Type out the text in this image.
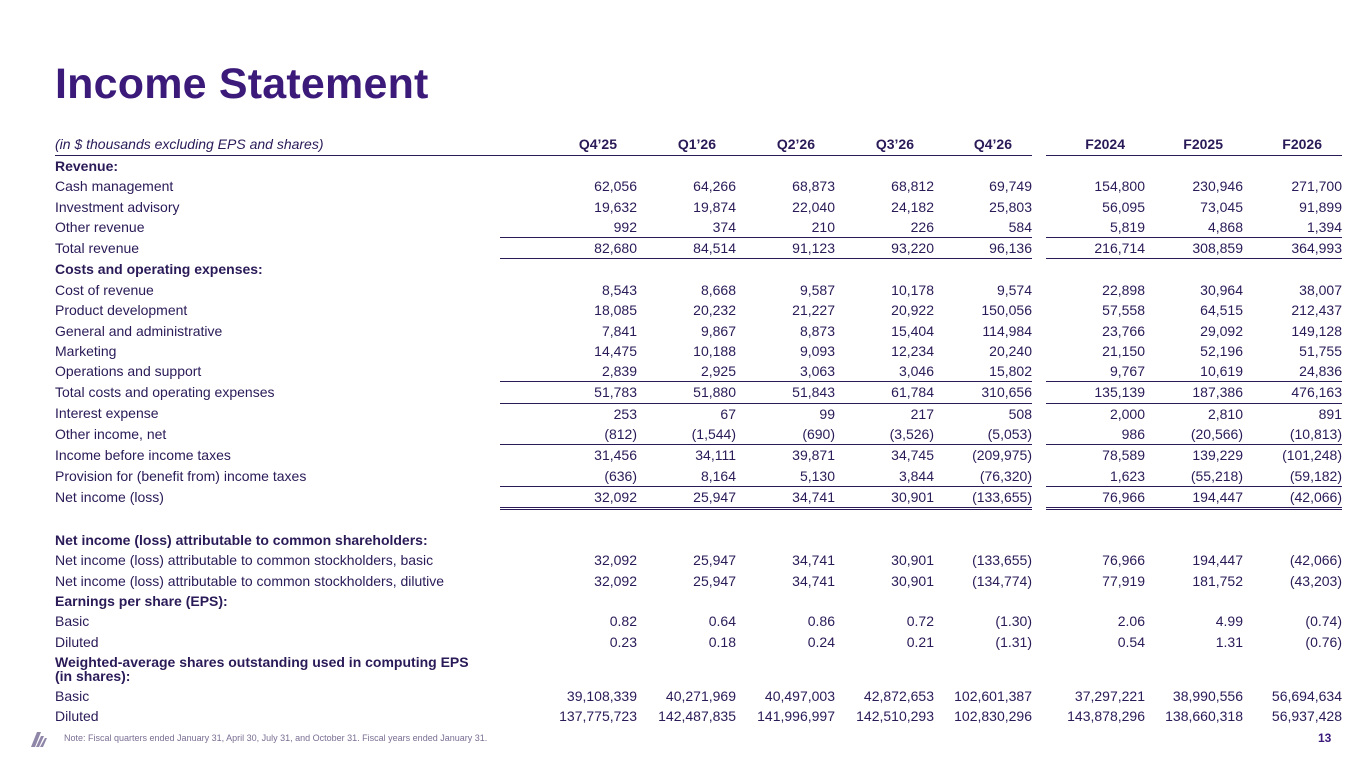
Income Statement
(in $ thousands excluding EPS and shares)	Q4’25	Q1’26	Q2’26	Q3’26	Q4’26		F2024	F2025	F2026
Revenue:									
Cash management	62,056	64,266	68,873	68,812	69,749		154,800	230,946	271,700
Investment advisory	19,632	19,874	22,040	24,182	25,803		56,095	73,045	91,899
Other revenue	992	374	210	226	584		5,819	4,868	1,394
Total revenue	82,680	84,514	91,123	93,220	96,136		216,714	308,859	364,993
Costs and operating expenses:									
Cost of revenue	8,543	8,668	9,587	10,178	9,574		22,898	30,964	38,007
Product development	18,085	20,232	21,227	20,922	150,056		57,558	64,515	212,437
General and administrative	7,841	9,867	8,873	15,404	114,984		23,766	29,092	149,128
Marketing	14,475	10,188	9,093	12,234	20,240		21,150	52,196	51,755
Operations and support	2,839	2,925	3,063	3,046	15,802		9,767	10,619	24,836
Total costs and operating expenses	51,783	51,880	51,843	61,784	310,656		135,139	187,386	476,163
Interest expense	253	67	99	217	508		2,000	2,810	891
Other income, net	(812)	(1,544)	(690)	(3,526)	(5,053)		986	(20,566)	(10,813)
Income before income taxes	31,456	34,111	39,871	34,745	(209,975)		78,589	139,229	(101,248)
Provision for (benefit from) income taxes	(636)	8,164	5,130	3,844	(76,320)		1,623	(55,218)	(59,182)
Net income (loss)	32,092	25,947	34,741	30,901	(133,655)		76,966	194,447	(42,066)

Net income (loss) attributable to common shareholders:									
Net income (loss) attributable to common stockholders, basic	32,092	25,947	34,741	30,901	(133,655)		76,966	194,447	(42,066)
Net income (loss) attributable to common stockholders, dilutive	32,092	25,947	34,741	30,901	(134,774)		77,919	181,752	(43,203)
Earnings per share (EPS):									
Basic	0.82	0.64	0.86	0.72	(1.30)		2.06	4.99	(0.74)
Diluted	0.23	0.18	0.24	0.21	(1.31)		0.54	1.31	(0.76)

Weighted-average shares outstanding used in computing EPS
(in shares):									

Basic	39,108,339	40,271,969	40,497,003	42,872,653	102,601,387		37,297,221	38,990,556	56,694,634
Diluted	137,775,723	142,487,835	141,996,997	142,510,293	102,830,296		143,878,296	138,660,318	56,937,428
Note: Fiscal quarters ended January 31, April 30, July 31, and October 31. Fiscal years ended January 31.	13
